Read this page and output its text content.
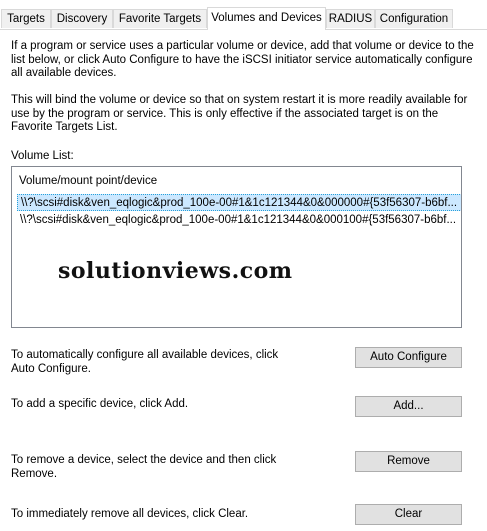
Targets	Discovery	Favorite Targets Volumes and Devices RADIUS Configuration

If a program or service uses a particular volume or device, add that volume or device to the list below, or click Auto Configure to have the iSCSI initiator service automatically configure all available devices.

This will bind the volume or device so that on system restart it is more readily available for use by the program or service. This is only effective if the associated target is on the Favorite Targets List.

Volume List:

Volume/mount point/device
\\?\scsi#disk&ven_eqlogic&prod_100e-00#1&1c121344&0&000000#{53f56307-b6bf...
\\?\scsi#disk&ven_eqlogic&prod_100e-00#1&1c121344&0&000100#{53f56307-b6bf...
solutionviews.com

To automatically configure all available devices, click Auto Configure.

Auto Configure

To add a specific device, click Add.	Add...

To remove a device, select the device and then click Remove.

Remove

To immediately remove all devices, click Clear.	Clear
